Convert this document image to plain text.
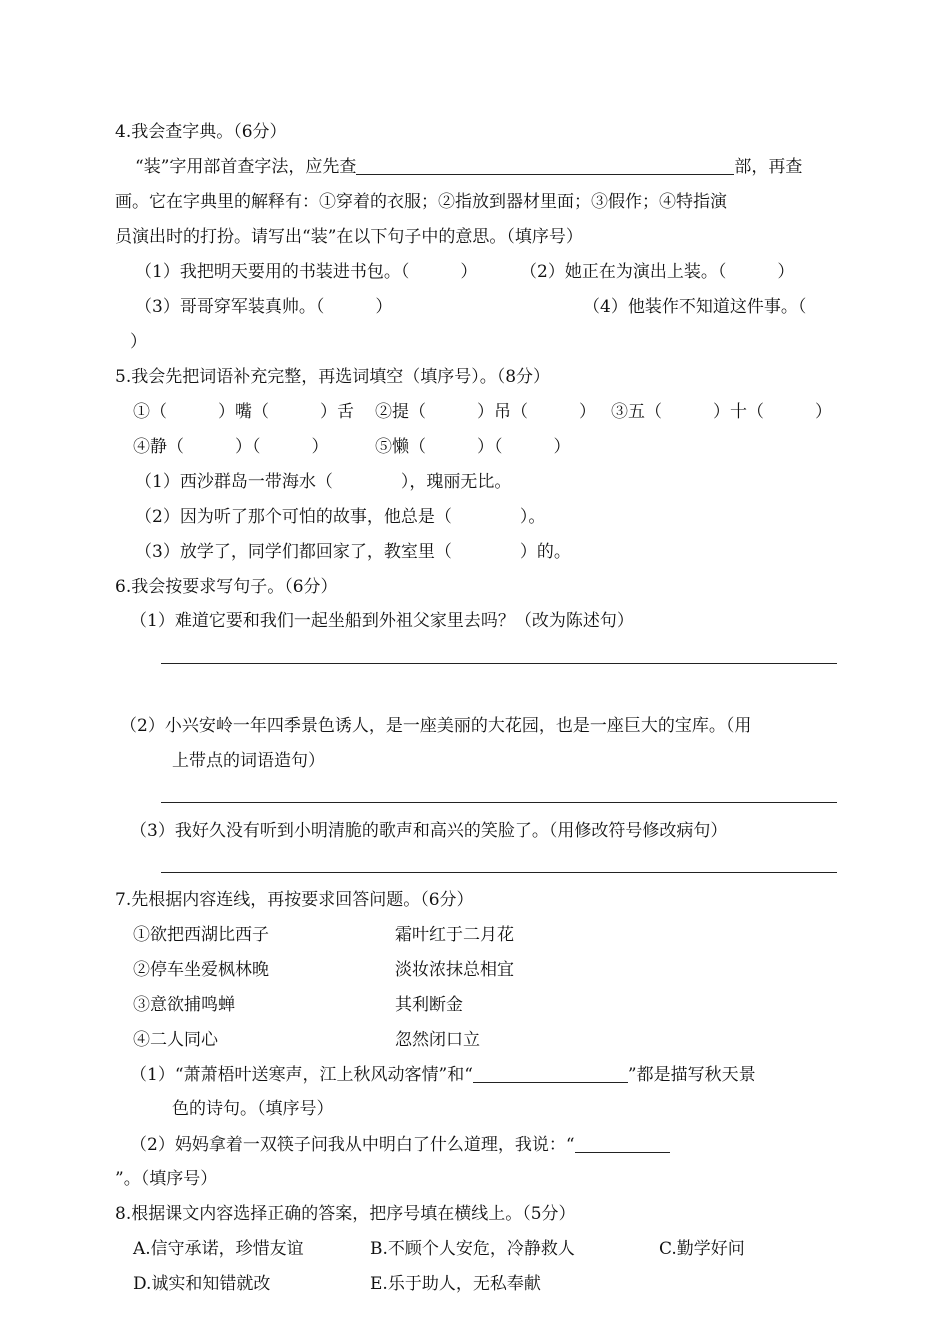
4.我会查字典。（6分）
“装”字用部首查字法，应先查	部，再查
画。它在字典里的解释有：①穿着的衣服；②指放到器材里面；③假作；④特指演
员演出时的打扮。请写出“装”在以下句子中的意思。（填序号）
（1）我把明天要用的书装进书包。（　　　）	（2）她正在为演出上装。（　　　）
（3）哥哥穿军装真帅。（　　　）	（4）他装作不知道这件事。（
）
5.我会先把词语补充完整，再选词填空（填序号）。（8分）
①（　　　）嘴（　　　）舌 ②提（　　　）吊（　　　） ③五（　　　）十（　　　）
④静（　　　）（　　　）	⑤懒（　　　）（　　　）
（1）西沙群岛一带海水（　　　　），瑰丽无比。
（2）因为听了那个可怕的故事，他总是（　　　　）。
（3）放学了，同学们都回家了，教室里（　　　　）的。
6.我会按要求写句子。（6分）
（1）难道它要和我们一起坐船到外祖父家里去吗？（改为陈述句）
（2）小兴安岭一年四季景色诱人，是一座美丽的大花园，也是一座巨大的宝库。（用
上带点的词语造句）
（3）我好久没有听到小明清脆的歌声和高兴的笑脸了。（用修改符号修改病句）
7.先根据内容连线，再按要求回答问题。（6分）
①欲把西湖比西子	霜叶红于二月花
②停车坐爱枫林晚	淡妆浓抹总相宜
③意欲捕鸣蝉	其利断金
④二人同心	忽然闭口立
（1）“萧萧梧叶送寒声，江上秋风动客情”和“	”都是描写秋天景
色的诗句。（填序号）
（2）妈妈拿着一双筷子问我从中明白了什么道理，我说：“
”。（填序号）
8.根据课文内容选择正确的答案，把序号填在横线上。（5分）
A.信守承诺，珍惜友谊	B.不顾个人安危，冷静救人	C.勤学好问
D.诚实和知错就改	E.乐于助人，无私奉献
